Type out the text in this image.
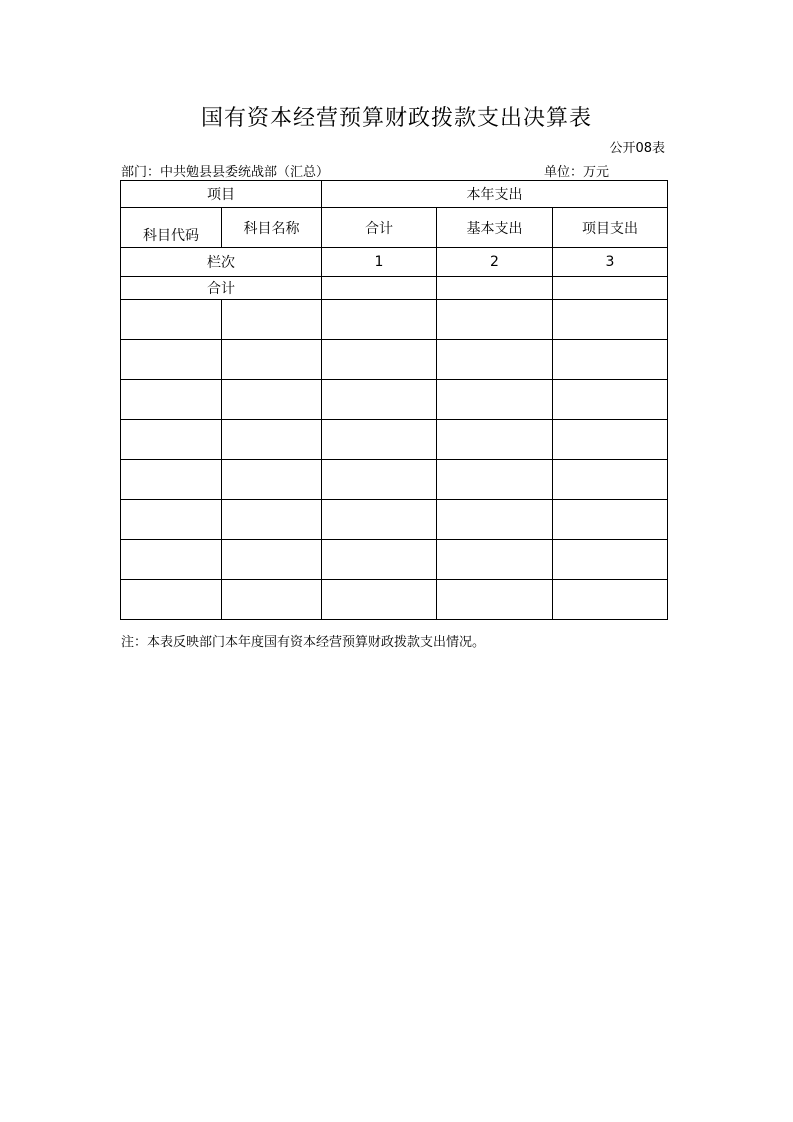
国有资本经营预算财政拨款支出决算表
公开08表
部门：中共勉县县委统战部（汇总）	单位：万元
项目		本年支出		
科目代码	科目名称	合计	基本支出	项目支出
栏次		1	2	3
合计				

注：本表反映部门本年度国有资本经营预算财政拨款支出情况。
